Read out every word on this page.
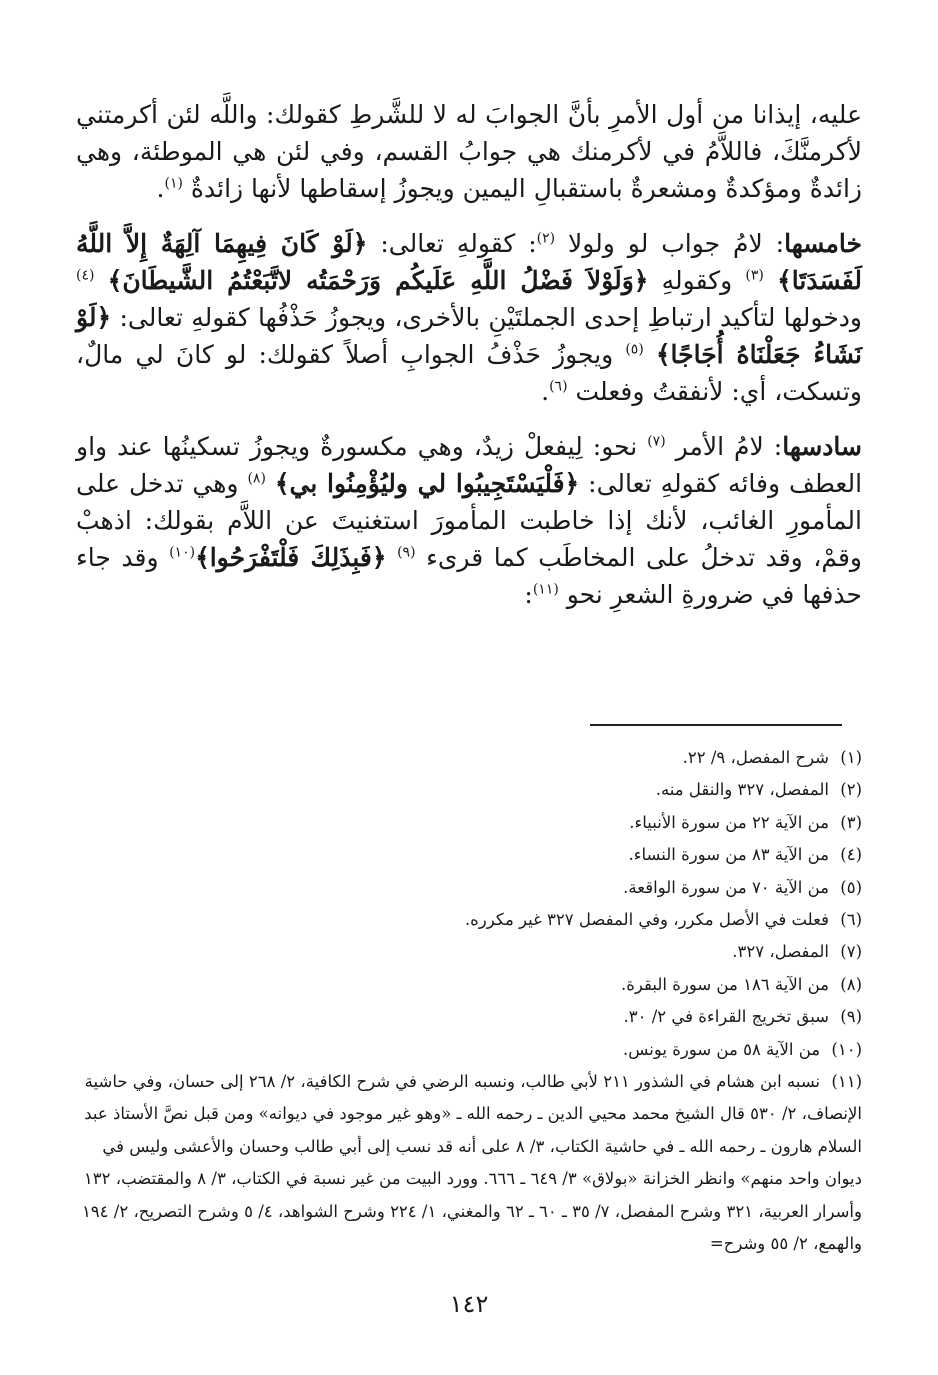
عليه، إيذانا من أول الأمرِ بأنَّ الجوابَ له لا للشَّرطِ كقولك: واللَّه لئن أكرمتني لأكرمنَّكَ، فاللاَّمُ في لأكرمنك هي جوابُ القسم، وفي لئن هي الموطئة، وهي زائدةٌ ومؤكدةٌ ومشعرةٌ باستقبالِ اليمين ويجوزُ إسقاطها لأنها زائدةٌ $^{(١)}$.

خامسها: لامُ جواب لو ولولا $^{(٢)}$: كقولهِ تعالى: ﴿لَوْ كَانَ فِيهِمَا آلِهَةٌ إِلاَّ اللَّهُ لَفَسَدَتَا﴾ $^{(٣)}$ وكقولهِ ﴿وَلَوْلاَ فَضْلُ اللَّهِ عَلَيكُم وَرَحْمَتُه لاتَّبَعْتُمُ الشَّيطَانَ﴾ $^{(٤)}$ ودخولها لتأكيد ارتباطِ إحدى الجملتَيْنِ بالأخرى، ويجوزُ حَذْفُها كقولهِ تعالى: ﴿لَوْ نَشَاءُ جَعَلْنَاهُ أُجَاجًا﴾ $^{(٥)}$ ويجوزُ حَذْفُ الجوابِ أصلاً كقولك: لو كانَ لي مالٌ، وتسكت، أي: لأنفقتُ وفعلت $^{(٦)}$.

سادسها: لامُ الأمر $^{(٧)}$ نحو: لِيفعلْ زيدٌ، وهي مكسورةٌ ويجوزُ تسكينُها عند واو العطف وفائه كقولهِ تعالى: ﴿فَلْيَسْتَجِيبُوا لي وليُؤْمِنُوا بي﴾ $^{(٨)}$ وهي تدخل على المأمورِ الغائب، لأنك إذا خاطبت المأمورَ استغنيتَ عن اللاَّم بقولك: اذهبْ وقمْ، وقد تدخلُ على المخاطَب كما قرىء $^{(٩)}$ ﴿فَبِذَلِكَ فَلْتَفْرَحُوا﴾$^{(١٠)}$ وقد جاء حذفها في ضرورةِ الشعرِ نحو $^{(١١)}$:

(١) شرح المفصل، ٩/ ٢٢.
(٢) المفصل، ٣٢٧ والنقل منه.
(٣) من الآية ٢٢ من سورة الأنبياء.
(٤) من الآية ٨٣ من سورة النساء.
(٥) من الآية ٧٠ من سورة الواقعة.
(٦) فعلت في الأصل مكرر، وفي المفصل ٣٢٧ غير مكرره.
(٧) المفصل، ٣٢٧.
(٨) من الآية ١٨٦ من سورة البقرة.
(٩) سبق تخريج القراءة في ٢/ ٣٠.
(١٠) من الآية ٥٨ من سورة يونس.
(١١) نسبه ابن هشام في الشذور ٢١١ لأبي طالب، ونسبه الرضي في شرح الكافية، ٢/ ٢٦٨ إلى حسان، وفي حاشية الإنصاف، ٢/ ٥٣٠ قال الشيخ محمد محيي الدين ـ رحمه الله ـ «وهو غير موجود في ديوانه» ومن قبل نصَّ الأستاذ عبد السلام هارون ـ رحمه الله ـ في حاشية الكتاب، ٣/ ٨ على أنه قد نسب إلى أبي طالب وحسان والأعشى وليس في ديوان واحد منهم» وانظر الخزانة «بولاق» ٣/ ٦٤٩ ـ ٦٦٦. وورد البيت من غير نسبة في الكتاب، ٣/ ٨ والمقتضب، ١٣٢ وأسرار العربية، ٣٢١ وشرح المفصل، ٧/ ٣٥ ـ ٦٠ ـ ٦٢ والمغني، ١/ ٢٢٤ وشرح الشواهد، ٤/ ٥ وشرح التصريح، ٢/ ١٩٤ والهمع، ٢/ ٥٥ وشرح=
١٤٢
